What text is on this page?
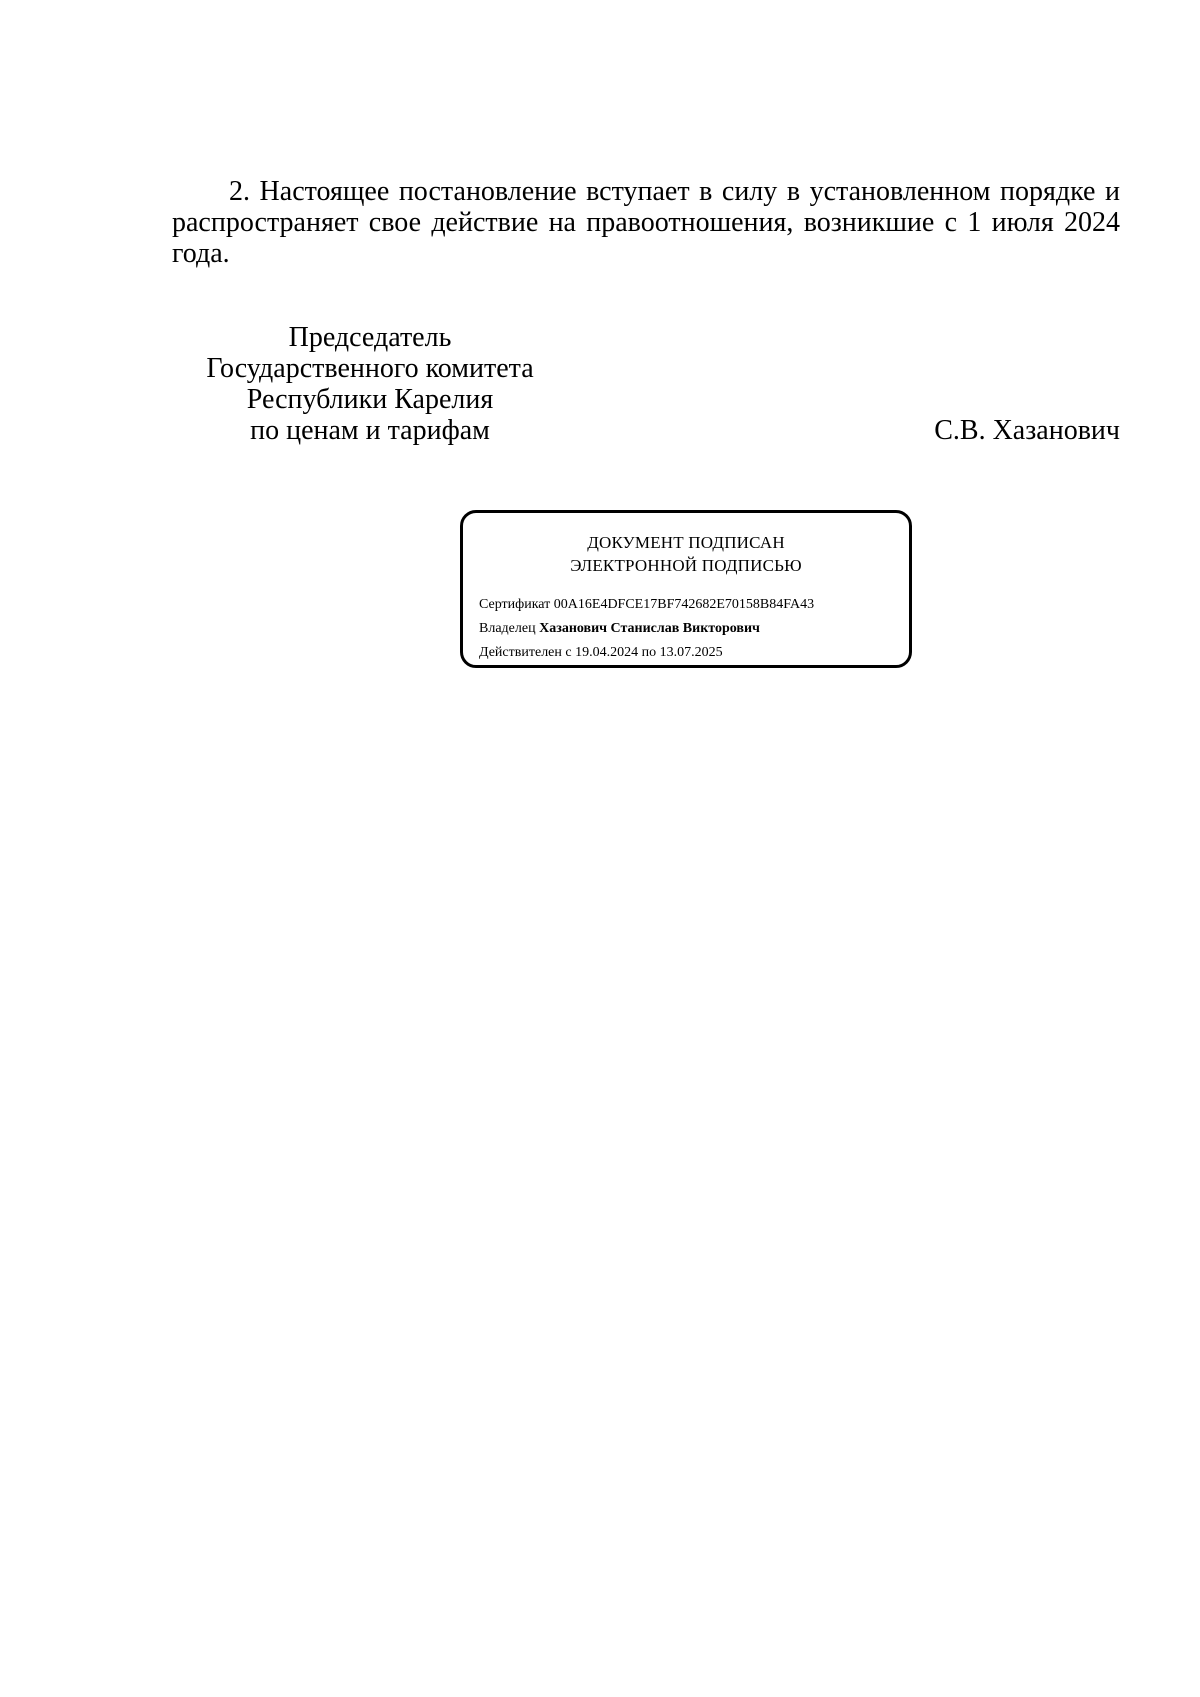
2. Настоящее постановление вступает в силу в установленном порядке и распространяет свое действие на правоотношения, возникшие с 1 июля 2024 года.

Председатель
Государственного комитета
Республики Карелия
по ценам и тарифам	С.В. Хазанович
ДОКУМЕНТ ПОДПИСАН
ЭЛЕКТРОННОЙ ПОДПИСЬЮ
Сертификат 00A16E4DFCE17BF742682E70158B84FA43
Владелец Хазанович Станислав Викторович
Действителен с 19.04.2024 по 13.07.2025
